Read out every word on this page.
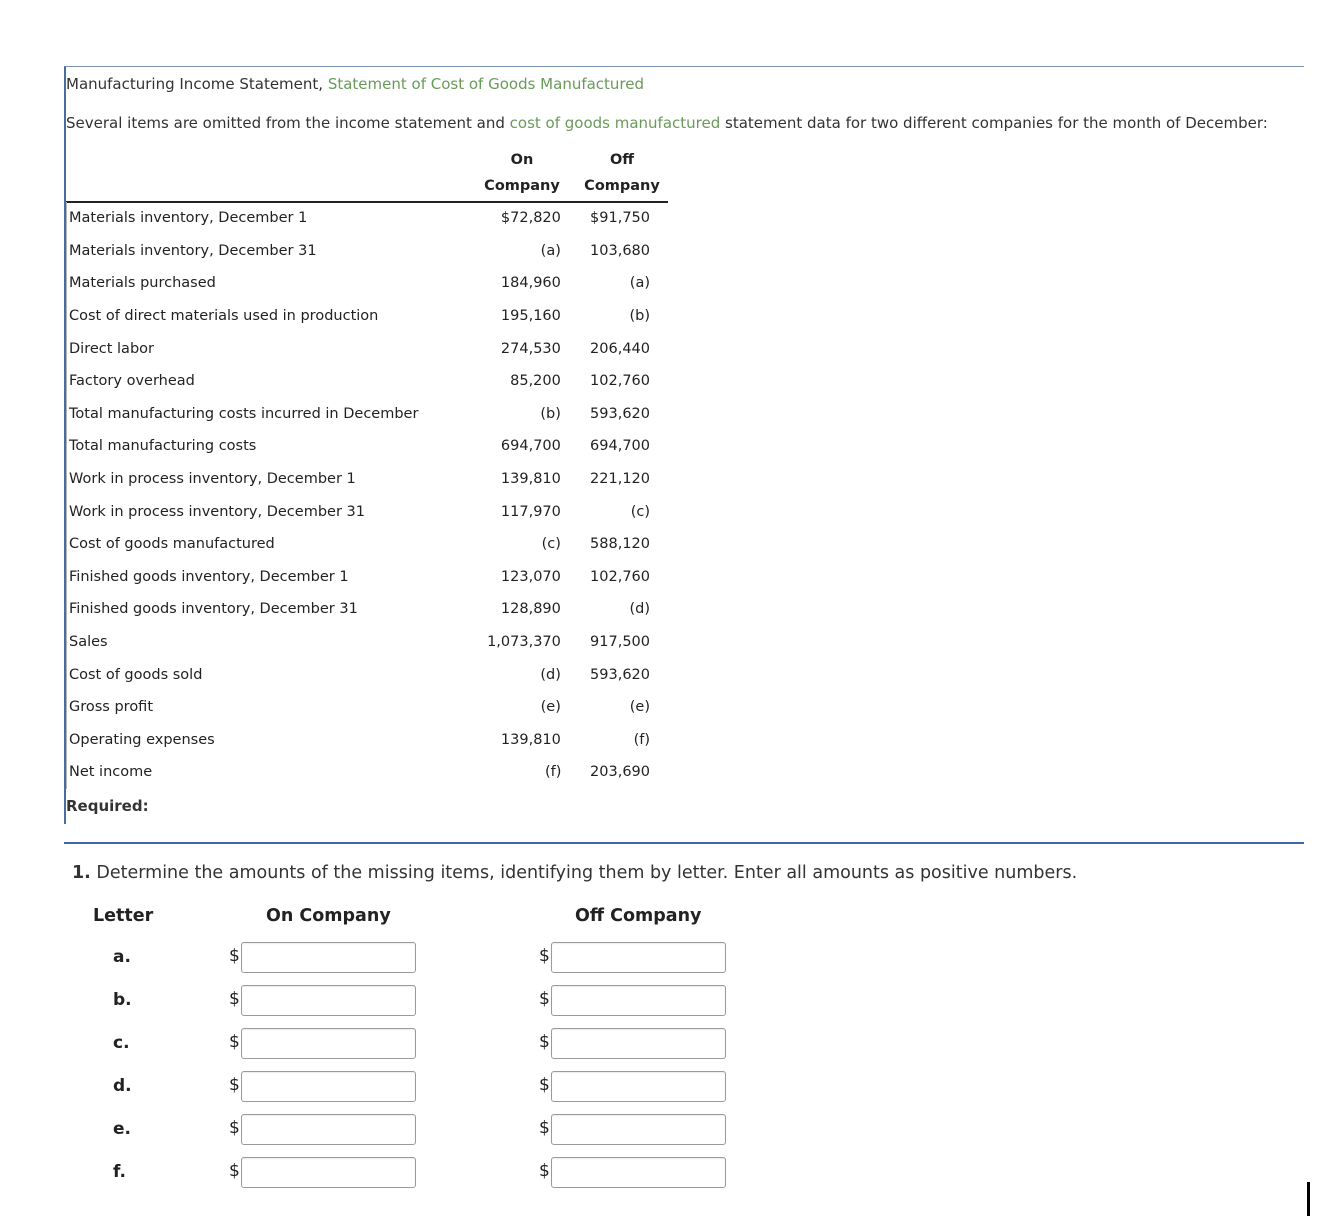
Manufacturing Income Statement, Statement of Cost of Goods Manufactured
Several items are omitted from the income statement and cost of goods manufactured statement data for two different companies for the month of December:
On
Company
Off
Company
Materials inventory, December 1	$72,820	$91,750
Materials inventory, December 31	(a)	103,680
Materials purchased	184,960	(a)
Cost of direct materials used in production	195,160	(b)
Direct labor	274,530	206,440
Factory overhead	85,200	102,760
Total manufacturing costs incurred in December	(b)	593,620
Total manufacturing costs	694,700	694,700
Work in process inventory, December 1	139,810	221,120
Work in process inventory, December 31	117,970	(c)
Cost of goods manufactured	(c)	588,120
Finished goods inventory, December 1	123,070	102,760
Finished goods inventory, December 31	128,890	(d)
Sales	1,073,370	917,500
Cost of goods sold	(d)	593,620
Gross profit	(e)	(e)
Operating expenses	139,810	(f)
Net income	(f)	203,690
Required:
1. Determine the amounts of the missing items, identifying them by letter. Enter all amounts as positive numbers.
Letter	On Company	Off Company
a.	$	$
b.	$	$
c.	$	$
d.	$	$
e.	$	$
f.	$	$
